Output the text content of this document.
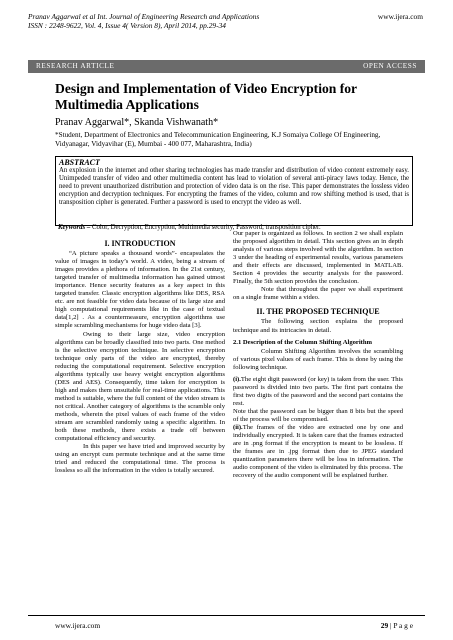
Pranav Aggarwal et al Int. Journal of Engineering Research and Applications
ISSN : 2248-9622, Vol. 4, Issue 4( Version 8), April 2014, pp.29-34
www.ijera.com
RESEARCH ARTICLE	OPEN ACCESS
Design and Implementation of Video Encryption for Multimedia Applications
Pranav Aggarwal*, Skanda Vishwanath*
*Student, Department of Electronics and Telecommunication Engineering, K.J Somaiya College Of Engineering, Vidyanagar, Vidyavihar (E), Mumbai - 400 077, Maharashtra, India)
ABSTRACT
An explosion in the internet and other sharing technologies has made transfer and distribution of video content extremely easy. Unimpeded transfer of video and other multimedia content has lead to violation of several anti-piracy laws today. Hence, the need to prevent unauthorized distribution and protection of video data is on the rise. This paper demonstrates the lossless video encryption and decryption techniques. For encrypting the frames of the video, column and row shifting method is used, that is transposition cipher is generated. Further a password is used to encrypt the video as well.
Keywords – Color, Decryption, Encryption, Multimedia security, Password, transposition cipher.
I. INTRODUCTION

“A picture speaks a thousand words”- encapsulates the value of images in today’s world. A video, being a stream of images provides a plethora of information. In the 21st century, targeted transfer of multimedia information has gained utmost importance. Hence security features as a key aspect in this targeted transfer. Classic encryption algorithms like DES, RSA etc. are not feasible for video data because of its large size and high computational requirements like in the case of textual data[1,2] . As a countermeasure, encryption algorithms use simple scrambling mechanisms for huge video data [3].

Owing to their large size, video encryption algorithms can be broadly classified into two parts. One method is the selective encryption technique. In selective encryption technique only parts of the video are encrypted, thereby reducing the computational requirement. Selective encryption algorithms typically use heavy weight encryption algorithms (DES and AES). Consequently, time taken for encryption is high and makes them unsuitable for real-time applications. This method is suitable, where the full content of the video stream is not critical. Another category of algorithms is the scramble only methods, wherein the pixel values of each frame of the video stream are scrambled randomly using a specific algorithm. In both these methods, there exists a trade off between computational efficiency and security.

In this paper we have tried and improved security by using an encrypt cum permute technique and at the same time tried and reduced the computational time. The process is lossless so all the information in the video is totally secured.

Our paper is organized as follows. In section 2 we shall explain the proposed algorithm in detail. This section gives an in depth analysis of various steps involved with the algorithm. In section 3 under the heading of experimental results, various parameters and their effects are discussed, implemented in MATLAB. Section 4 provides the security analysis for the password. Finally, the 5th section provides the conclusion.

Note that throughout the paper we shall experiment on a single frame within a video.

II. THE PROPOSED TECHNIQUE

The following section explains the proposed technique and its intricacies in detail.

2.1 Description of the Column Shifting Algorithm

Column Shifting Algorithm involves the scrambling of various pixel values of each frame. This is done by using the following technique.

(i).The eight digit password (or key) is taken from the user. This password is divided into two parts. The first part contains the first two digits of the password and the second part contains the rest.

Note that the password can be bigger than 8 bits but the speed of the process will be compromised.

(ii).The frames of the video are extracted one by one and individually encrypted. It is taken care that the frames extracted are in .png format if the encryption is meant to be lossless. If the frames are in .jpg format then due to JPEG standard quantization parameters there will be loss in information. The audio component of the video is eliminated by this process. The recovery of the audio component will be explained further.

www.ijera.com	29 | P a g e
